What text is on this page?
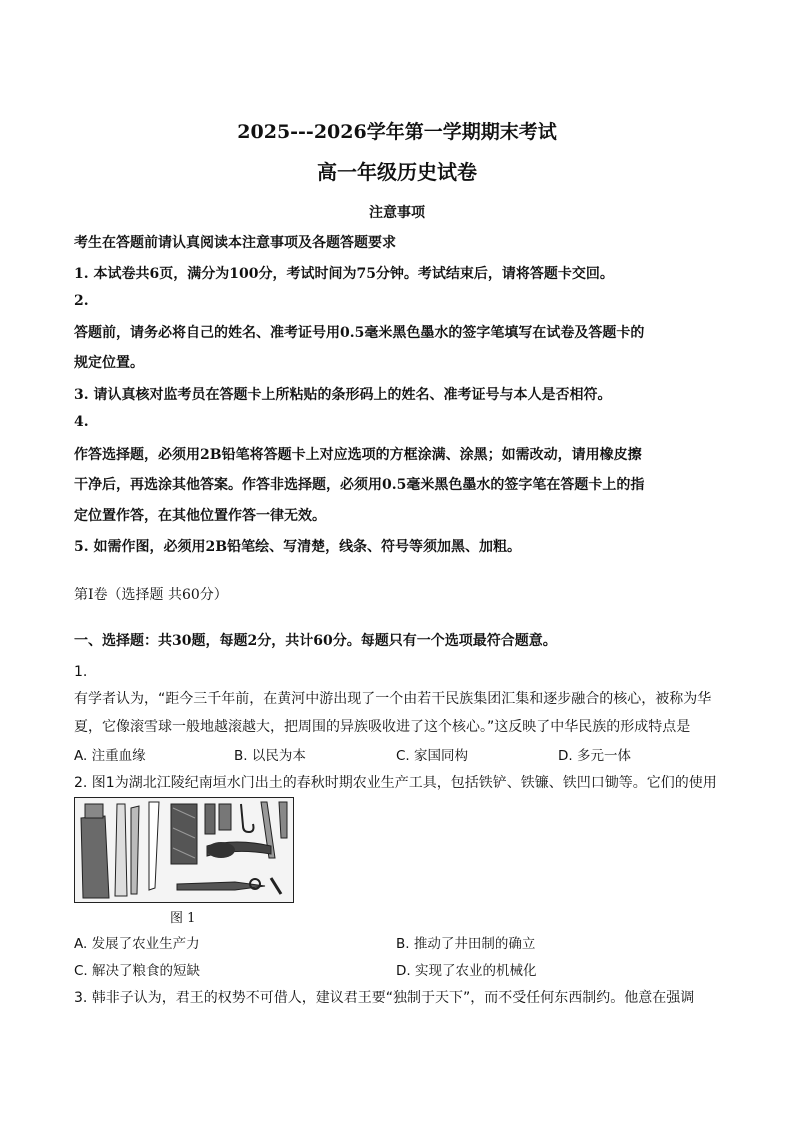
2025---2026学年第一学期期末考试
高一年级历史试卷
注意事项
考生在答题前请认真阅读本注意事项及各题答题要求
1. 本试卷共6页，满分为100分，考试时间为75分钟。考试结束后，请将答题卡交回。
2.
答题前，请务必将自己的姓名、准考证号用0.5毫米黑色墨水的签字笔填写在试卷及答题卡的
规定位置。
3. 请认真核对监考员在答题卡上所粘贴的条形码上的姓名、准考证号与本人是否相符。
4.
作答选择题，必须用2B铅笔将答题卡上对应选项的方框涂满、涂黑；如需改动，请用橡皮擦
干净后，再选涂其他答案。作答非选择题，必须用0.5毫米黑色墨水的签字笔在答题卡上的指
定位置作答，在其他位置作答一律无效。
5. 如需作图，必须用2B铅笔绘、写清楚，线条、符号等须加黑、加粗。
第Ⅰ卷（选择题 共60分）
一、选择题：共30题，每题2分，共计60分。每题只有一个选项最符合题意。
1.
有学者认为，“距今三千年前，在黄河中游出现了一个由若干民族集团汇集和逐步融合的核心，被称为华
夏，它像滚雪球一般地越滚越大，把周围的异族吸收进了这个核心。”这反映了中华民族的形成特点是
A. 注重血缘	B. 以民为本	C. 家国同构	D. 多元一体
2. 图1为湖北江陵纪南垣水门出土的春秋时期农业生产工具，包括铁铲、铁镰、铁凹口锄等。它们的使用
图 1
A. 发展了农业生产力	B. 推动了井田制的确立
C. 解决了粮食的短缺	D. 实现了农业的机械化
3. 韩非子认为，君王的权势不可借人，建议君王要“独制于天下”，而不受任何东西制约。他意在强调
